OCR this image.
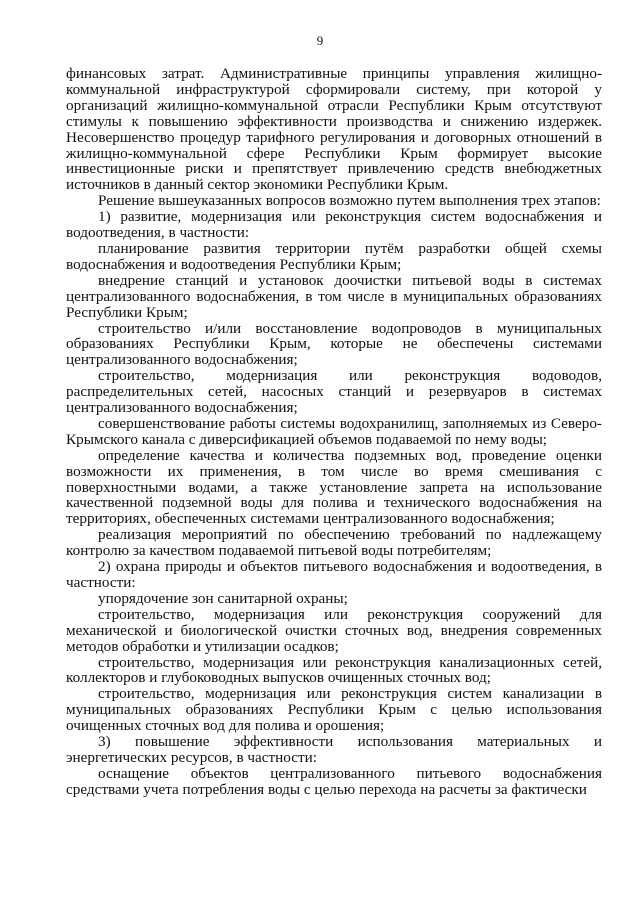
9

финансовых затрат. Административные принципы управления жилищно-коммунальной инфраструктурой сформировали систему, при которой у организаций жилищно-коммунальной отрасли Республики Крым отсутствуют стимулы к повышению эффективности производства и снижению издержек. Несовершенство процедур тарифного регулирования и договорных отношений в жилищно-коммунальной сфере Республики Крым формирует высокие инвестиционные риски и препятствует привлечению средств внебюджетных источников в данный сектор экономики Республики Крым.

Решение вышеуказанных вопросов возможно путем выполнения трех этапов:

1) развитие, модернизация или реконструкция систем водоснабжения и водоотведения, в частности:

планирование развития территории путём разработки общей схемы водоснабжения и водоотведения Республики Крым;

внедрение станций и установок доочистки питьевой воды в системах централизованного водоснабжения, в том числе в муниципальных образованиях Республики Крым;

строительство и/или восстановление водопроводов в муниципальных образованиях Республики Крым, которые не обеспечены системами централизованного водоснабжения;

строительство, модернизация или реконструкция водоводов, распределительных сетей, насосных станций и резервуаров в системах централизованного водоснабжения;

совершенствование работы системы водохранилищ, заполняемых из Северо-Крымского канала с диверсификацией объемов подаваемой по нему воды;

определение качества и количества подземных вод, проведение оценки возможности их применения, в том числе во время смешивания с поверхностными водами, а также установление запрета на использование качественной подземной воды для полива и технического водоснабжения на территориях, обеспеченных системами централизованного водоснабжения;

реализация мероприятий по обеспечению требований по надлежащему контролю за качеством подаваемой питьевой воды потребителям;

2) охрана природы и объектов питьевого водоснабжения и водоотведения, в частности:

упорядочение зон санитарной охраны;

строительство, модернизация или реконструкция сооружений для механической и биологической очистки сточных вод, внедрения современных методов обработки и утилизации осадков;

строительство, модернизация или реконструкция канализационных сетей, коллекторов и глубоководных выпусков очищенных сточных вод;

строительство, модернизация или реконструкция систем канализации в муниципальных образованиях Республики Крым с целью использования очищенных сточных вод для полива и орошения;

3) повышение эффективности использования материальных и энергетических ресурсов, в частности:

оснащение объектов централизованного питьевого водоснабжения средствами учета потребления воды с целью перехода на расчеты за фактически
